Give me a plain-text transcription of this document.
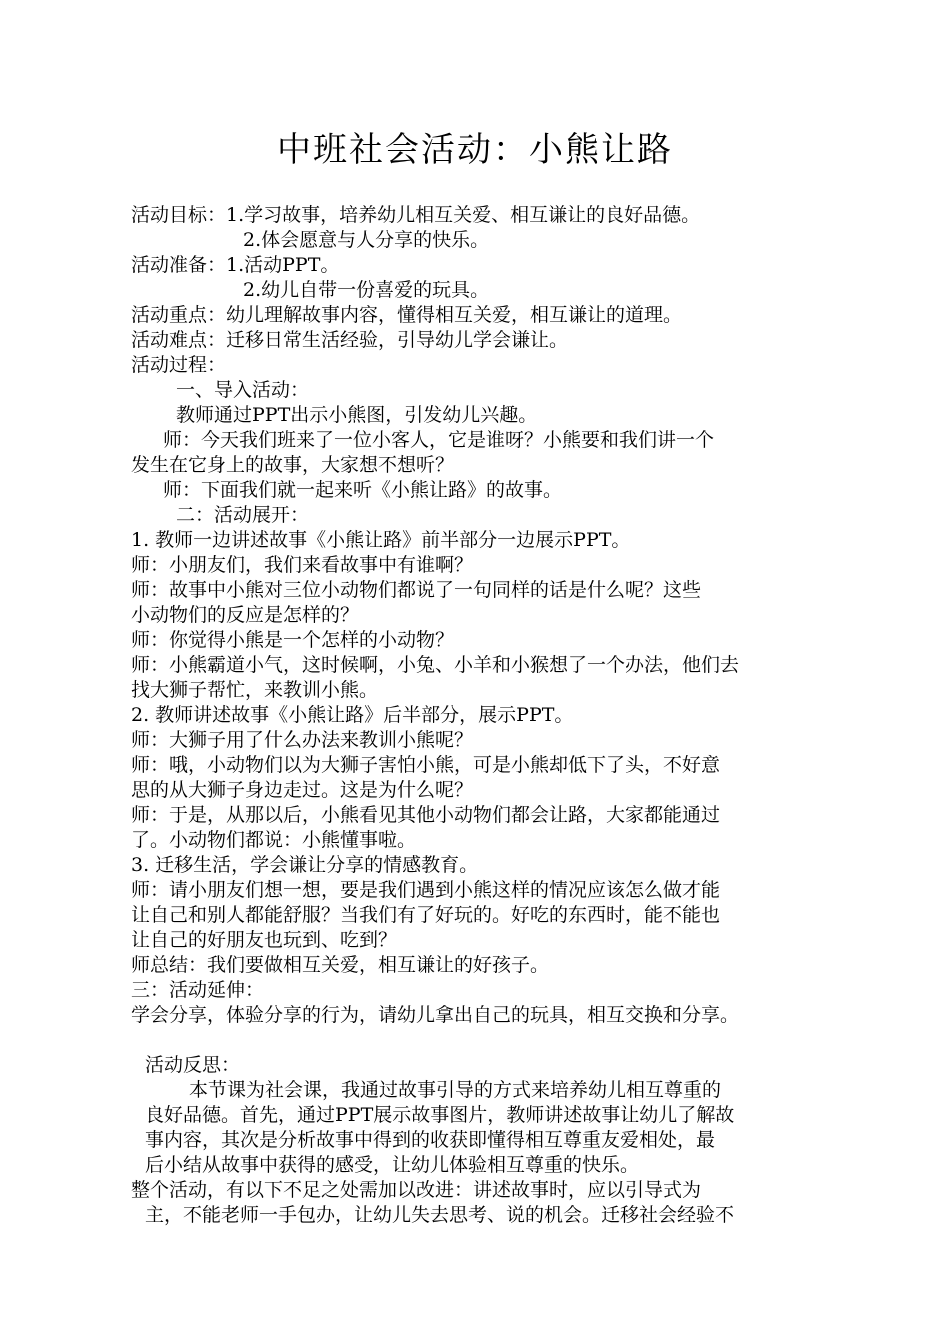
中班社会活动：小熊让路
活动目标：1.学习故事，培养幼儿相互关爱、相互谦让的良好品德。
2.体会愿意与人分享的快乐。
活动准备：1.活动PPT。
2.幼儿自带一份喜爱的玩具。
活动重点：幼儿理解故事内容，懂得相互关爱，相互谦让的道理。
活动难点：迁移日常生活经验，引导幼儿学会谦让。
活动过程：
一、导入活动：
教师通过PPT出示小熊图，引发幼儿兴趣。
师：今天我们班来了一位小客人，它是谁呀？小熊要和我们讲一个
发生在它身上的故事，大家想不想听？
师：下面我们就一起来听《小熊让路》的故事。
二：活动展开：
1. 教师一边讲述故事《小熊让路》前半部分一边展示PPT。
师：小朋友们，我们来看故事中有谁啊？
师：故事中小熊对三位小动物们都说了一句同样的话是什么呢？这些
小动物们的反应是怎样的？
师：你觉得小熊是一个怎样的小动物？
师：小熊霸道小气，这时候啊，小兔、小羊和小猴想了一个办法，他们去
找大狮子帮忙，来教训小熊。
2. 教师讲述故事《小熊让路》后半部分，展示PPT。
师：大狮子用了什么办法来教训小熊呢？
师：哦，小动物们以为大狮子害怕小熊，可是小熊却低下了头，不好意
思的从大狮子身边走过。这是为什么呢？
师：于是，从那以后，小熊看见其他小动物们都会让路，大家都能通过
了。小动物们都说：小熊懂事啦。
3. 迁移生活，学会谦让分享的情感教育。
师：请小朋友们想一想，要是我们遇到小熊这样的情况应该怎么做才能
让自己和别人都能舒服？当我们有了好玩的。好吃的东西时，能不能也
让自己的好朋友也玩到、吃到？
师总结：我们要做相互关爱，相互谦让的好孩子。
三：活动延伸：
学会分享，体验分享的行为，请幼儿拿出自己的玩具，相互交换和分享。
活动反思：
本节课为社会课，我通过故事引导的方式来培养幼儿相互尊重的
良好品德。首先，通过PPT展示故事图片，教师讲述故事让幼儿了解故
事内容，其次是分析故事中得到的收获即懂得相互尊重友爱相处，最
后小结从故事中获得的感受，让幼儿体验相互尊重的快乐。
整个活动，有以下不足之处需加以改进：讲述故事时，应以引导式为
主，不能老师一手包办，让幼儿失去思考、说的机会。迁移社会经验不
